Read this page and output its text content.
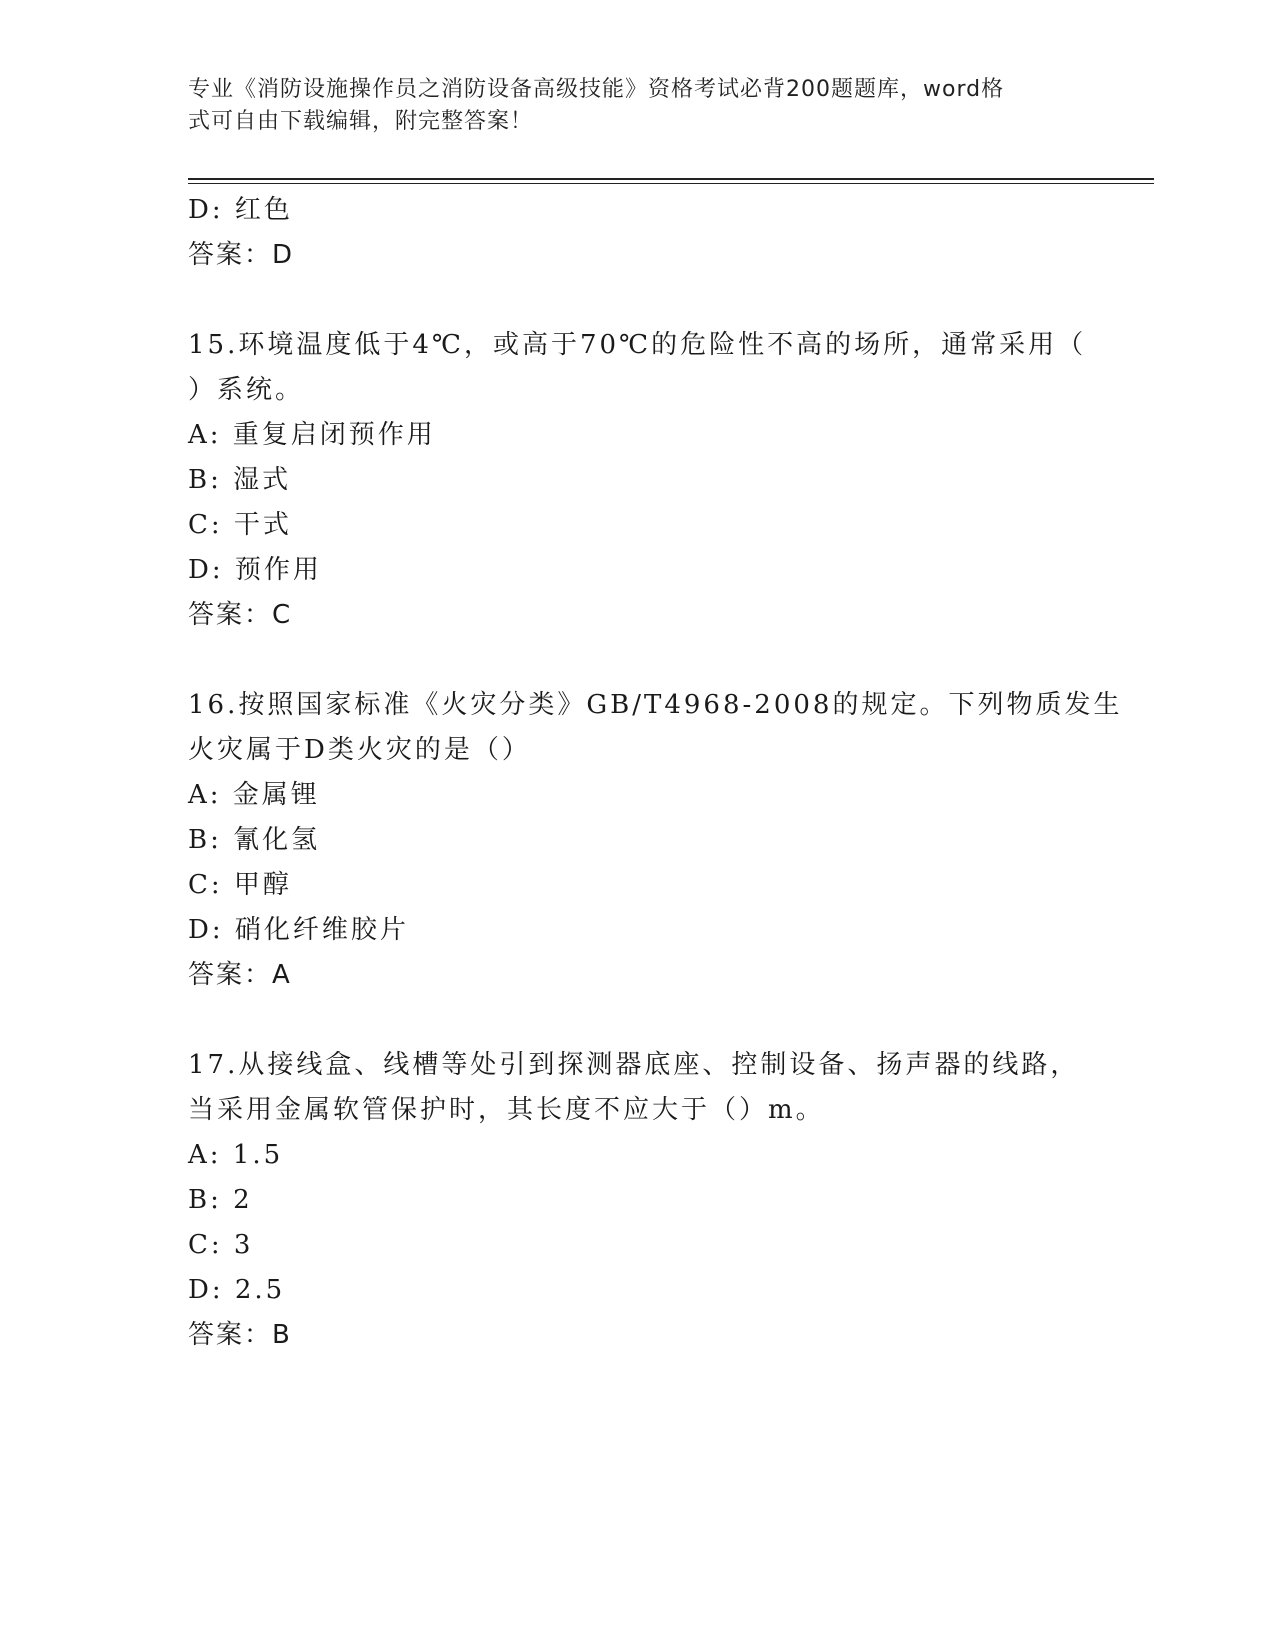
专业《消防设施操作员之消防设备高级技能》资格考试必背200题题库，word格
式可自由下载编辑，附完整答案！
D: 红色
答案：D
15.环境温度低于4℃，或高于70℃的危险性不高的场所，通常采用（
）系统。
A: 重复启闭预作用
B: 湿式
C: 干式
D: 预作用
答案：C
16.按照国家标准《火灾分类》GB/T4968-2008的规定。下列物质发生
火灾属于D类火灾的是（）
A: 金属锂
B: 氰化氢
C: 甲醇
D: 硝化纤维胶片
答案：A
17.从接线盒、线槽等处引到探测器底座、控制设备、扬声器的线路，
当采用金属软管保护时，其长度不应大于（）m。
A: 1.5
B: 2
C: 3
D: 2.5
答案：B
